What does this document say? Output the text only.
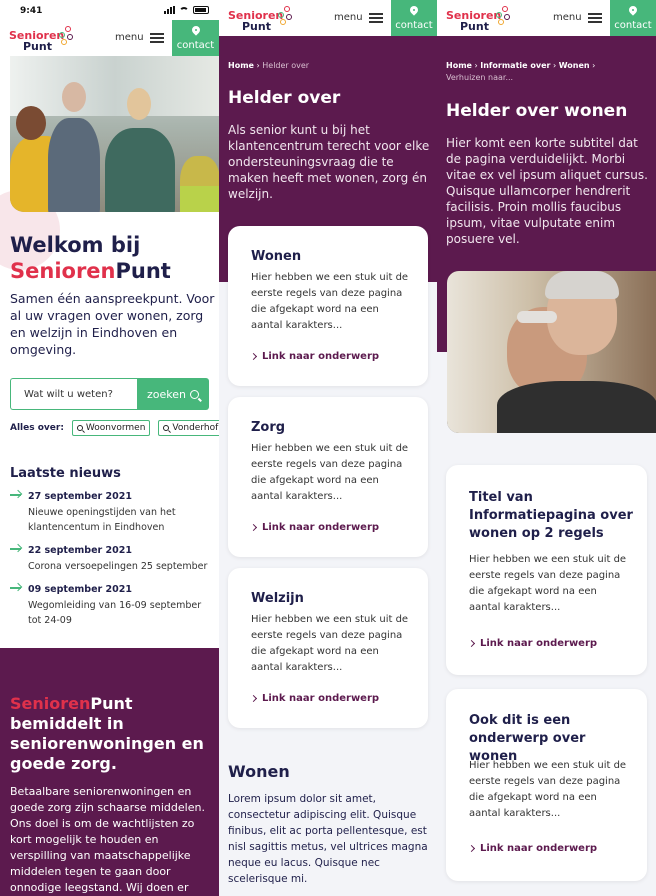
9:41
Senioren
Punt
menu
contact
Welkom bij
SeniorenPunt
Samen één aanspreekpunt. Voor al uw vragen over wonen, zorg en welzijn in Eindhoven en omgeving.
Wat wilt u weten?	zoeken
Alles over: Woonvormen	Vonderhof
Laatste nieuws
27 september 2021
Nieuwe openingstijden van het klantencentum in Eindhoven
22 september 2021
Corona versoepelingen 25 september
09 september 2021
Wegomleiding van 16-09 september tot 24-09
SeniorenPunt bemiddelt in seniorenwoningen en goede zorg.
Betaalbare seniorenwoningen en goede zorg zijn schaarse middelen. Ons doel is om de wachtlijsten zo kort mogelijk te houden en verspilling van maatschappelijke middelen tegen te gaan door onnodige leegstand. Wij doen er
Senioren
Punt
menu
contact
Home › Helder over
Helder over
Als senior kunt u bij het klantencentrum terecht voor elke ondersteuningsvraag die te maken heeft met wonen, zorg én welzijn.
Wonen
Hier hebben we een stuk uit de eerste regels van deze pagina die afgekapt word na een aantal karakters...
Link naar onderwerp
Zorg
Hier hebben we een stuk uit de eerste regels van deze pagina die afgekapt word na een aantal karakters...
Link naar onderwerp
Welzijn
Hier hebben we een stuk uit de eerste regels van deze pagina die afgekapt word na een aantal karakters...
Link naar onderwerp
Wonen
Lorem ipsum dolor sit amet, consectetur adipiscing elit. Quisque finibus, elit ac porta pellentesque, est nisl sagittis metus, vel ultrices magna neque eu lacus. Quisque nec scelerisque mi.
Senioren
Punt
menu
contact
Home › Informatie over › Wonen ›
Verhuizen naar...
Helder over wonen
Hier komt een korte subtitel dat de pagina verduidelijkt. Morbi vitae ex vel ipsum aliquet cursus. Quisque ullamcorper hendrerit facilisis. Proin mollis faucibus ipsum, vitae vulputate enim posuere vel.
Titel van Informatiepagina over wonen op 2 regels
Hier hebben we een stuk uit de eerste regels van deze pagina die afgekapt word na een aantal karakters...
Link naar onderwerp
Ook dit is een onderwerp over wonen
Hier hebben we een stuk uit de eerste regels van deze pagina die afgekapt word na een aantal karakters...
Link naar onderwerp
